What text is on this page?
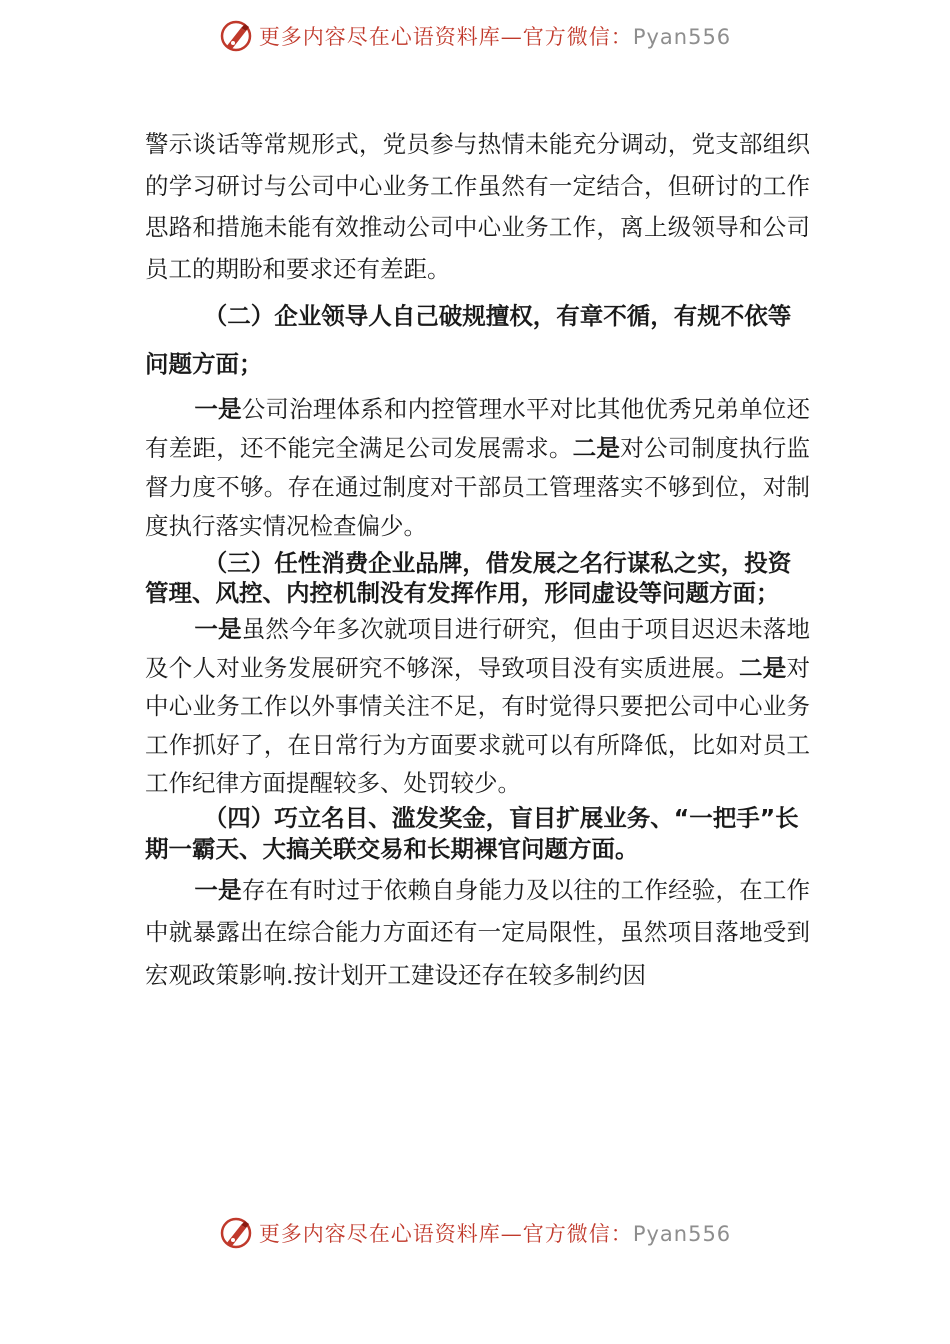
更多内容尽在心语资料库—官方微信：Pyan556

警示谈话等常规形式，党员参与热情未能充分调动，党支部组织的学习研讨与公司中心业务工作虽然有一定结合，但研讨的工作思路和措施未能有效推动公司中心业务工作，离上级领导和公司员工的期盼和要求还有差距。

（二）企业领导人自己破规擅权，有章不循，有规不依等问题方面；

一是公司治理体系和内控管理水平对比其他优秀兄弟单位还有差距，还不能完全满足公司发展需求。二是对公司制度执行监督力度不够。存在通过制度对干部员工管理落实不够到位，对制度执行落实情况检查偏少。

（三）任性消费企业品牌，借发展之名行谋私之实，投资管理、风控、内控机制没有发挥作用，形同虚设等问题方面；

一是虽然今年多次就项目进行研究，但由于项目迟迟未落地及个人对业务发展研究不够深，导致项目没有实质进展。二是对中心业务工作以外事情关注不足，有时觉得只要把公司中心业务工作抓好了，在日常行为方面要求就可以有所降低，比如对员工工作纪律方面提醒较多、处罚较少。

（四）巧立名目、滥发奖金，盲目扩展业务、“一把手”长期一霸天、大搞关联交易和长期裸官问题方面。

一是存在有时过于依赖自身能力及以往的工作经验，在工作中就暴露出在综合能力方面还有一定局限性，虽然项目落地受到宏观政策影响.按计划开工建设还存在较多制约因

更多内容尽在心语资料库—官方微信：Pyan556
